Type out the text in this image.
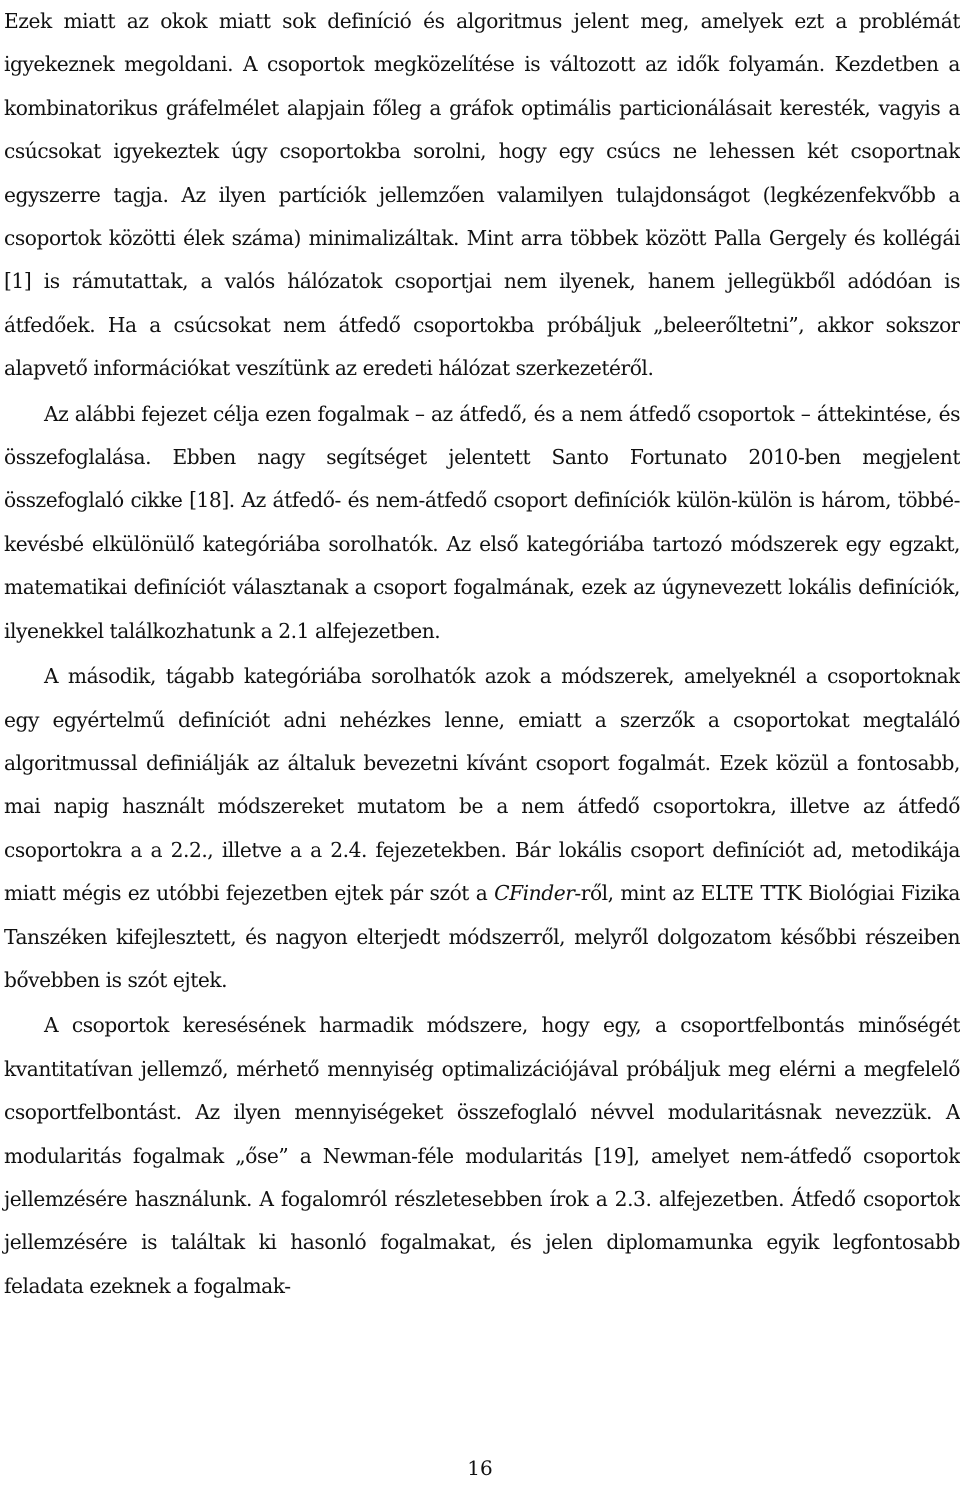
Ezek miatt az okok miatt sok definíció és algoritmus jelent meg, amelyek ezt a problémát igyekeznek megoldani. A csoportok megközelítése is változott az idők folyamán. Kezdetben a kombinatorikus gráfelmélet alapjain főleg a gráfok optimális particionálásait keresték, vagyis a csúcsokat igyekeztek úgy csoportokba sorolni, hogy egy csúcs ne lehessen két csoportnak egyszerre tagja. Az ilyen partíciók jellemzően valamilyen tulajdonságot (legkézenfekvőbb a csoportok közötti élek száma) minimalizáltak. Mint arra többek között Palla Gergely és kollégái [1] is rámutattak, a valós hálózatok csoportjai nem ilyenek, hanem jellegükből adódóan is átfedőek. Ha a csúcsokat nem átfedő csoportokba próbáljuk „beleerőltetni”, akkor sokszor alapvető információkat veszítünk az eredeti hálózat szerkezetéről.

Az alábbi fejezet célja ezen fogalmak – az átfedő, és a nem átfedő csoportok – áttekintése, és összefoglalása. Ebben nagy segítséget jelentett Santo Fortunato 2010-ben megjelent összefoglaló cikke [18]. Az átfedő- és nem-átfedő csoport definíciók külön-külön is három, többé-kevésbé elkülönülő kategóriába sorolhatók. Az első kategóriába tartozó módszerek egy egzakt, matematikai definíciót választanak a csoport fogalmának, ezek az úgynevezett lokális definíciók, ilyenekkel találkozhatunk a 2.1 alfejezetben.

A második, tágabb kategóriába sorolhatók azok a módszerek, amelyeknél a csoportoknak egy egyértelmű definíciót adni nehézkes lenne, emiatt a szerzők a csoportokat megtaláló algoritmussal definiálják az általuk bevezetni kívánt csoport fogalmát. Ezek közül a fontosabb, mai napig használt módszereket mutatom be a nem átfedő csoportokra, illetve az átfedő csoportokra a a 2.2., illetve a a 2.4. fejezetekben. Bár lokális csoport definíciót ad, metodikája miatt mégis ez utóbbi fejezetben ejtek pár szót a CFinder-ről, mint az ELTE TTK Biológiai Fizika Tanszéken kifejlesztett, és nagyon elterjedt módszerről, melyről dolgozatom későbbi részeiben bővebben is szót ejtek.

A csoportok keresésének harmadik módszere, hogy egy, a csoportfelbontás minőségét kvantitatívan jellemző, mérhető mennyiség optimalizációjával próbáljuk meg elérni a megfelelő csoportfelbontást. Az ilyen mennyiségeket összefoglaló névvel modularitásnak nevezzük. A modularitás fogalmak „őse” a Newman-féle modularitás [19], amelyet nem-átfedő csoportok jellemzésére használunk. A fogalomról részletesebben írok a 2.3. alfejezetben. Átfedő csoportok jellemzésére is találtak ki hasonló fogalmakat, és jelen diplomamunka egyik legfontosabb feladata ezeknek a fogalmak-

16
